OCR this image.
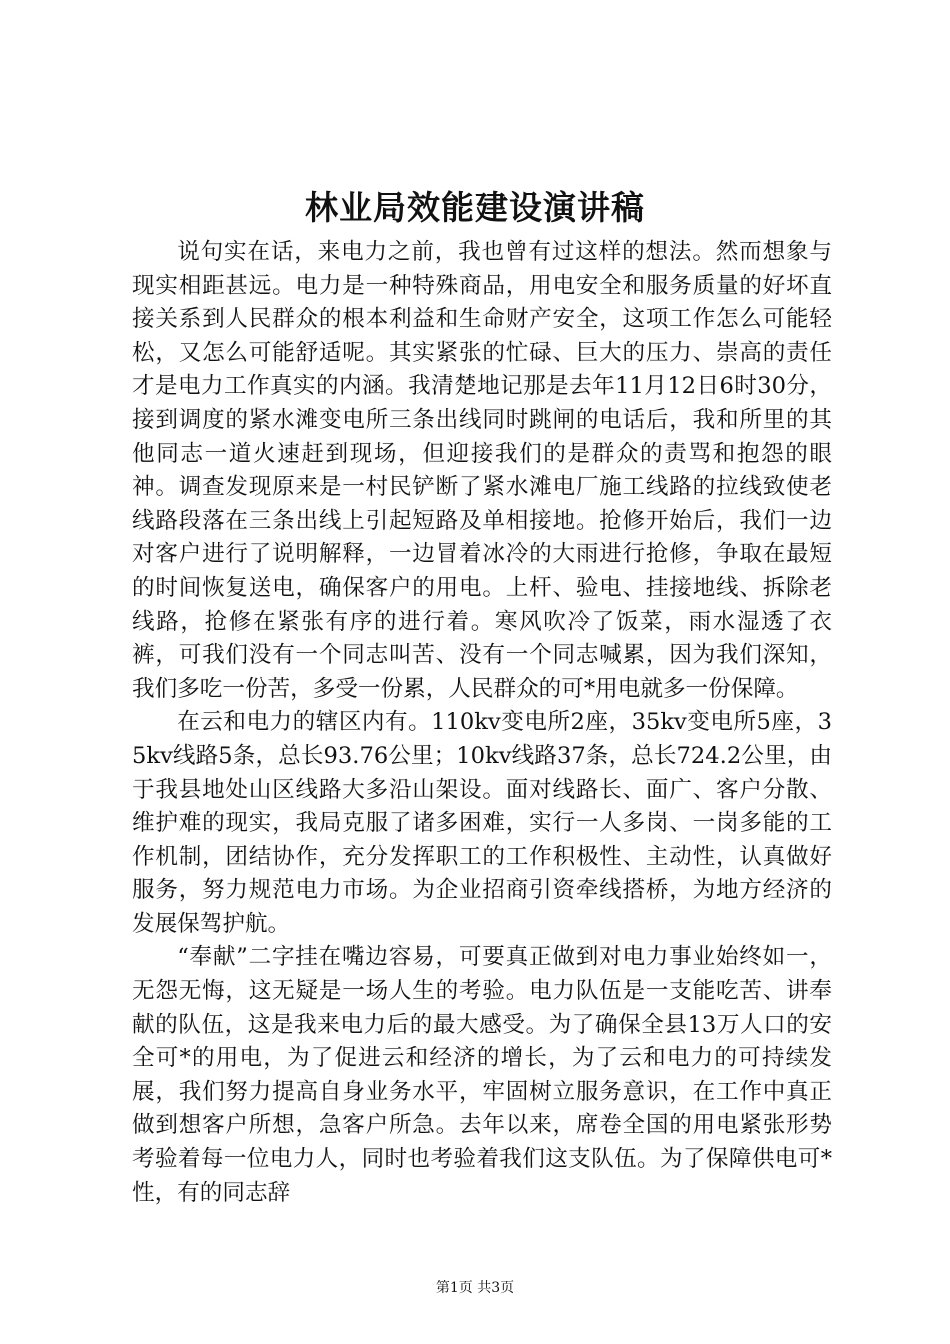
林业局效能建设演讲稿

说句实在话，来电力之前，我也曾有过这样的想法。然而想象与现实相距甚远。电力是一种特殊商品，用电安全和服务质量的好坏直接关系到人民群众的根本利益和生命财产安全，这项工作怎么可能轻松，又怎么可能舒适呢。其实紧张的忙碌、巨大的压力、崇高的责任才是电力工作真实的内涵。我清楚地记那是去年11月12日6时30分，接到调度的紧水滩变电所三条出线同时跳闸的电话后，我和所里的其他同志一道火速赶到现场，但迎接我们的是群众的责骂和抱怨的眼神。调查发现原来是一村民铲断了紧水滩电厂施工线路的拉线致使老线路段落在三条出线上引起短路及单相接地。抢修开始后，我们一边对客户进行了说明解释，一边冒着冰冷的大雨进行抢修，争取在最短的时间恢复送电，确保客户的用电。上杆、验电、挂接地线、拆除老线路，抢修在紧张有序的进行着。寒风吹冷了饭菜，雨水湿透了衣裤，可我们没有一个同志叫苦、没有一个同志喊累，因为我们深知，我们多吃一份苦，多受一份累，人民群众的可*用电就多一份保障。

在云和电力的辖区内有。110kv变电所2座，35kv变电所5座，35kv线路5条，总长93.76公里；10kv线路37条，总长724.2公里，由于我县地处山区线路大多沿山架设。面对线路长、面广、客户分散、维护难的现实，我局克服了诸多困难，实行一人多岗、一岗多能的工作机制，团结协作，充分发挥职工的工作积极性、主动性，认真做好服务，努力规范电力市场。为企业招商引资牵线搭桥，为地方经济的发展保驾护航。

“奉献”二字挂在嘴边容易，可要真正做到对电力事业始终如一，无怨无悔，这无疑是一场人生的考验。电力队伍是一支能吃苦、讲奉献的队伍，这是我来电力后的最大感受。为了确保全县13万人口的安全可*的用电，为了促进云和经济的增长，为了云和电力的可持续发展，我们努力提高自身业务水平，牢固树立服务意识，在工作中真正做到想客户所想，急客户所急。去年以来，席卷全国的用电紧张形势考验着每一位电力人，同时也考验着我们这支队伍。为了保障供电可*性，有的同志辞

第1页 共3页
